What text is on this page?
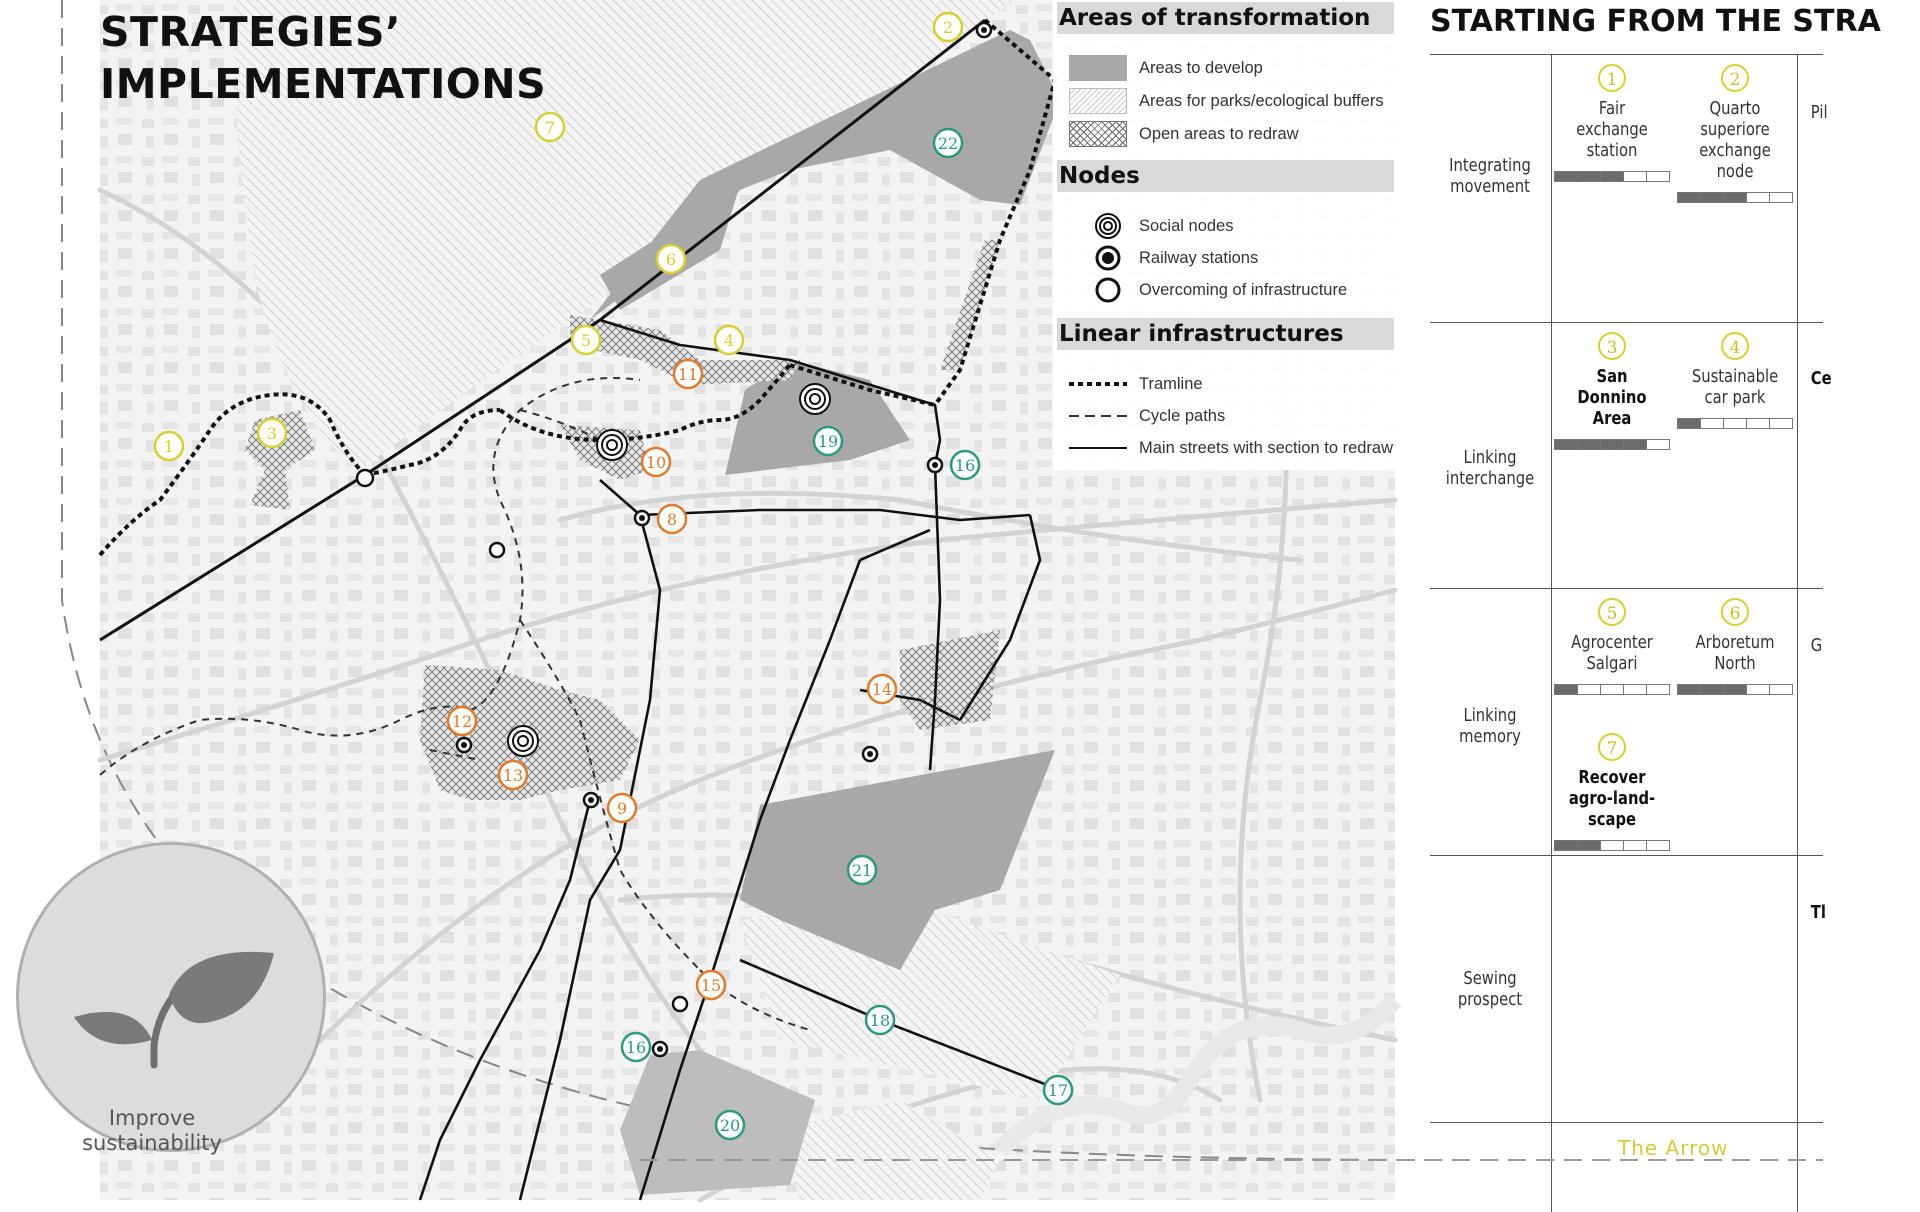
1
2
3
4
5
6
7
8
9
10
11
12
13
14
15
16
16
17
18
19
20
21
22
STRATEGIES’
IMPLEMENTATIONS
Areas of transformation
Areas to develop
Areas for parks/ecological buffers
Open areas to redraw
Nodes
Social nodes
Railway stations
Overcoming of infrastructure
Linear infrastructures
Tramline
Cycle paths
Main streets with section to redraw
Improve
sustainability
STARTING FROM THE STRA
Integrating movement
Linking interchange
Linking memory
Sewing prospect
1
Fair exchange station
2
Quarto superiore exchange node
3
San Donnino Area
4
Sustainable car park
5
Agrocenter Salgari
6
Arboretum North
7
Recover agro-land-scape
Pil
Ce
G
Tl
The Arrow
